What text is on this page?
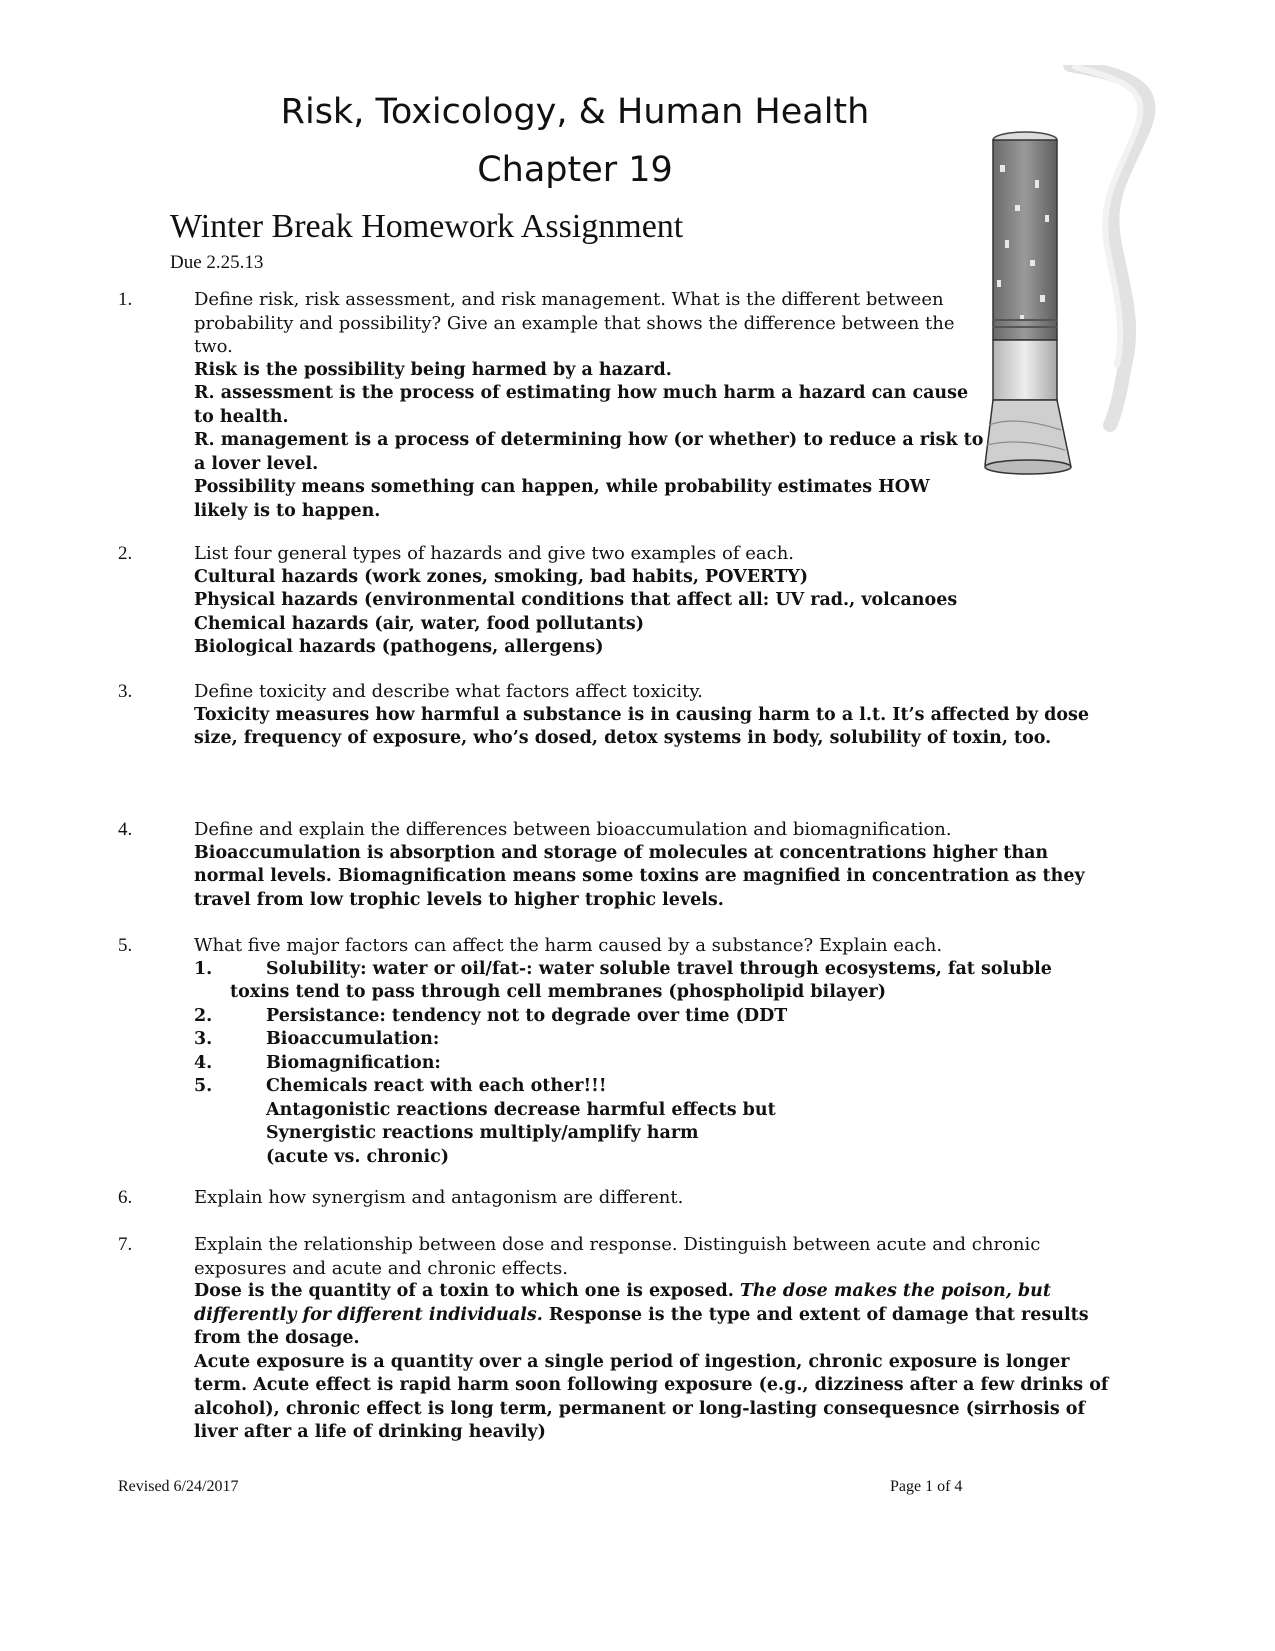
Risk, Toxicology, & Human Health
Chapter 19
Winter Break Homework Assignment
Due 2.25.13
1.	Define risk, risk assessment, and risk management. What is the different between probability and possibility? Give an example that shows the difference between the two.
Risk is the possibility being harmed by a hazard.
R. assessment is the process of estimating how much harm a hazard can cause to health.
R. management is a process of determining how (or whether) to reduce a risk to a lover level.
Possibility means something can happen, while probability estimates HOW likely is to happen.
2.	List four general types of hazards and give two examples of each.
Cultural hazards (work zones, smoking, bad habits, POVERTY)
Physical hazards (environmental conditions that affect all: UV rad., volcanoes
Chemical hazards (air, water, food pollutants)
Biological hazards (pathogens, allergens)
3.	Define toxicity and describe what factors affect toxicity.
Toxicity measures how harmful a substance is in causing harm to a l.t. It’s affected by dose size, frequency of exposure, who’s dosed, detox systems in body, solubility of toxin, too.
4.	Define and explain the differences between bioaccumulation and biomagnification.
Bioaccumulation is absorption and storage of molecules at concentrations higher than normal levels. Biomagnification means some toxins are magnified in concentration as they travel from low trophic levels to higher trophic levels.
5.	What five major factors can affect the harm caused by a substance? Explain each.
1.	Solubility: water or oil/fat-: water soluble travel through ecosystems, fat soluble
toxins tend to pass through cell membranes (phospholipid bilayer)
2.	Persistance: tendency not to degrade over time (DDT
3.	Bioaccumulation:
4.	Biomagnification:
5.	Chemicals react with each other!!!
Antagonistic reactions decrease harmful effects but
Synergistic reactions multiply/amplify harm
(acute vs. chronic)
6.	Explain how synergism and antagonism are different.
7.	Explain the relationship between dose and response. Distinguish between acute and chronic exposures and acute and chronic effects.
Dose is the quantity of a toxin to which one is exposed. The dose makes the poison, but differently for different individuals. Response is the type and extent of damage that results from the dosage.
Acute exposure is a quantity over a single period of ingestion, chronic exposure is longer term. Acute effect is rapid harm soon following exposure (e.g., dizziness after a few drinks of alcohol), chronic effect is long term, permanent or long-lasting consequesnce (sirrhosis of liver after a life of drinking heavily)
Revised 6/24/2017	Page 1 of 4
